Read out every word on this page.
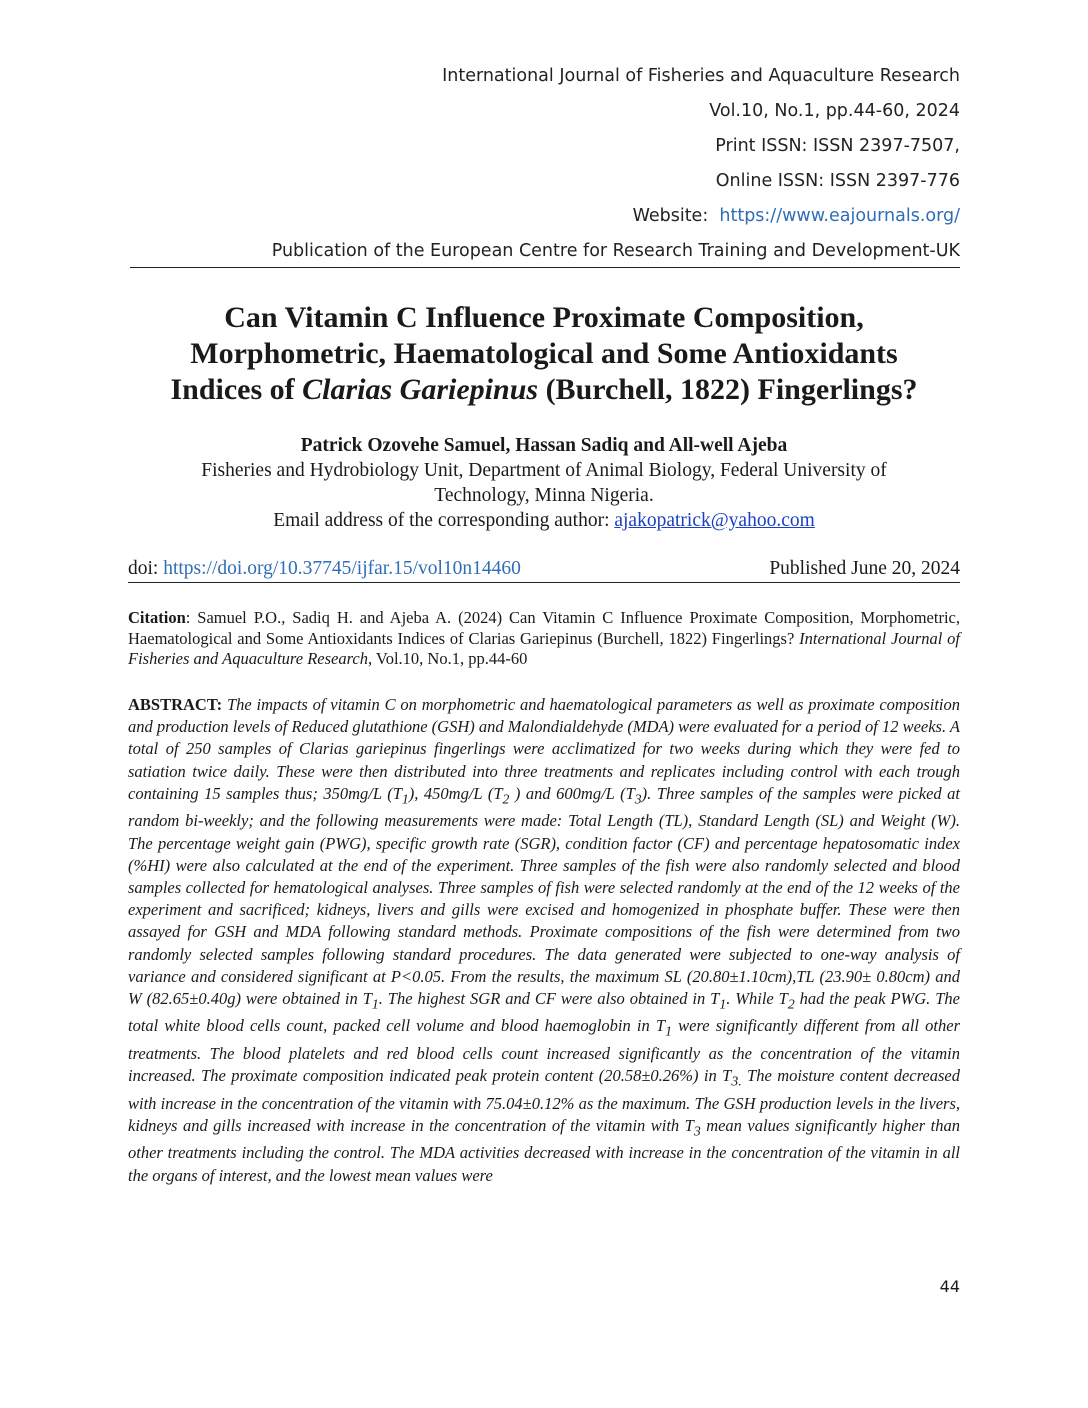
International Journal of Fisheries and Aquaculture Research
Vol.10, No.1, pp.44-60, 2024
Print ISSN: ISSN 2397-7507,
Online ISSN: ISSN 2397-776
Website: https://www.eajournals.org/
Publication of the European Centre for Research Training and Development-UK
Can Vitamin C Influence Proximate Composition,
Morphometric, Haematological and Some Antioxidants
Indices of Clarias Gariepinus (Burchell, 1822) Fingerlings?
Patrick Ozovehe Samuel, Hassan Sadiq and All-well Ajeba
Fisheries and Hydrobiology Unit, Department of Animal Biology, Federal University of
Technology, Minna Nigeria.
Email address of the corresponding author: ajakopatrick@yahoo.com
doi: https://doi.org/10.37745/ijfar.15/vol10n14460	Published June 20, 2024
Citation: Samuel P.O., Sadiq H. and Ajeba A. (2024) Can Vitamin C Influence Proximate Composition, Morphometric, Haematological and Some Antioxidants Indices of Clarias Gariepinus (Burchell, 1822) Fingerlings? International Journal of Fisheries and Aquaculture Research, Vol.10, No.1, pp.44-60
ABSTRACT: The impacts of vitamin C on morphometric and haematological parameters as well as proximate composition and production levels of Reduced glutathione (GSH) and Malondialdehyde (MDA) were evaluated for a period of 12 weeks. A total of 250 samples of Clarias gariepinus fingerlings were acclimatized for two weeks during which they were fed to satiation twice daily. These were then distributed into three treatments and replicates including control with each trough containing 15 samples thus; 350mg/L $(T_1)$, 450mg/L ($T_2$ ) and 600mg/L $(T_3)$. Three samples of the samples were picked at random bi-weekly; and the following measurements were made: Total Length (TL), Standard Length (SL) and Weight (W). The percentage weight gain (PWG), specific growth rate (SGR), condition factor (CF) and percentage hepatosomatic index (%HI) were also calculated at the end of the experiment. Three samples of the fish were also randomly selected and blood samples collected for hematological analyses. Three samples of fish were selected randomly at the end of the 12 weeks of the experiment and sacrificed; kidneys, livers and gills were excised and homogenized in phosphate buffer. These were then assayed for GSH and MDA following standard methods. Proximate compositions of the fish were determined from two randomly selected samples following standard procedures. The data generated were subjected to one-way analysis of variance and considered significant at P<0.05. From the results, the maximum SL (20.80±1.10cm),TL (23.90± 0.80cm) and W (82.65±0.40g) were obtained in $T_1$. The highest SGR and CF were also obtained in $T_1$. While $T_2$ had the peak PWG. The total white blood cells count, packed cell volume and blood haemoglobin in $T_1$ were significantly different from all other treatments. The blood platelets and red blood cells count increased significantly as the concentration of the vitamin increased. The proximate composition indicated peak protein content (20.58±0.26%) in $T_{3.}$ The moisture content decreased with increase in the concentration of the vitamin with 75.04±0.12% as the maximum. The GSH production levels in the livers, kidneys and gills increased with increase in the concentration of the vitamin with $T_3$ mean values significantly higher than other treatments including the control. The MDA activities decreased with increase in the concentration of the vitamin in all the organs of interest, and the lowest mean values were
44
